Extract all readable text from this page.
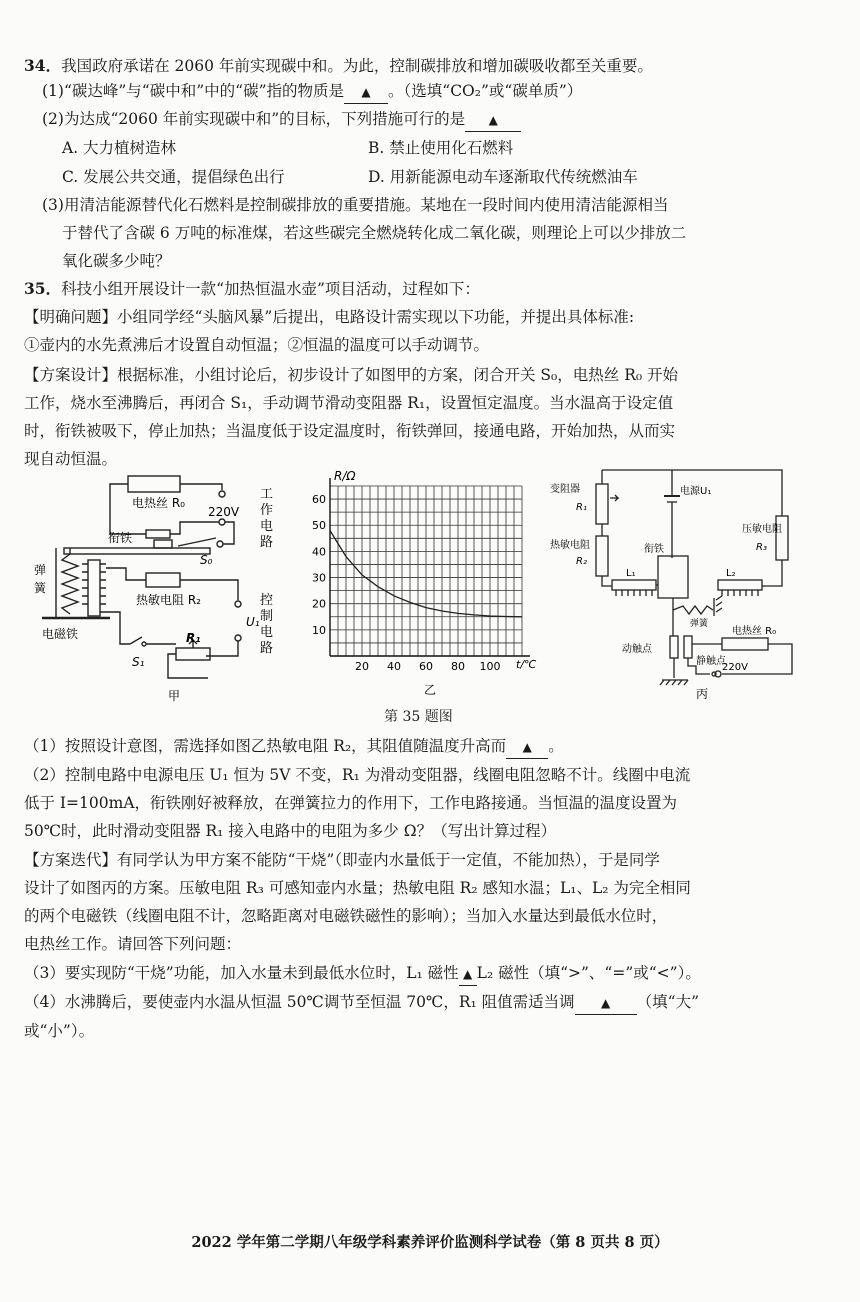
34．我国政府承诺在 2060 年前实现碳中和。为此，控制碳排放和增加碳吸收都至关重要。
(1)“碳达峰”与“碳中和”中的“碳”指的物质是 ▲ 。（选填“CO₂”或“碳单质”）
(2)为达成“2060 年前实现碳中和”的目标，下列措施可行的是 ▲
A. 大力植树造林	B. 禁止使用化石燃料
C. 发展公共交通，提倡绿色出行	D. 用新能源电动车逐渐取代传统燃油车
(3)用清洁能源替代化石燃料是控制碳排放的重要措施。某地在一段时间内使用清洁能源相当
于替代了含碳 6 万吨的标准煤，若这些碳完全燃烧转化成二氧化碳，则理论上可以少排放二
氧化碳多少吨？
35．科技小组开展设计一款“加热恒温水壶”项目活动，过程如下：
【明确问题】小组同学经“头脑风暴”后提出，电路设计需实现以下功能，并提出具体标准:
①壶内的水先煮沸后才设置自动恒温；②恒温的温度可以手动调节。
【方案设计】根据标准，小组讨论后，初步设计了如图甲的方案，闭合开关 S₀，电热丝 R₀ 开始
工作，烧水至沸腾后，再闭合 S₁，手动调节滑动变阻器 R₁，设置恒定温度。当水温高于设定值
时，衔铁被吸下，停止加热；当温度低于设定温度时，衔铁弹回，接通电路，开始加热，从而实
现自动恒温。
电热丝 R₀
220V
衔铁
S₀
弹
簧
热敏电阻 R₂
U₁
电磁铁	R₁
S₁
甲
工
作
电
路
控
制
电
路
20 40 60 80 100
10
20
30
40
50
60
R/Ω
t/℃
乙
变阻器
R₁
热敏电阻
R₂
电源U₁
压敏电阻
R₃
衔铁
L₁	L₂
弹簧
电热丝 R₀
动触点
静触点
220V
丙
第 35 题图
（1）按照设计意图，需选择如图乙热敏电阻 R₂，其阻值随温度升高而 ▲ 。
（2）控制电路中电源电压 U₁ 恒为 5V 不变，R₁ 为滑动变阻器，线圈电阻忽略不计。线圈中电流
低于 I=100mA，衔铁刚好被释放，在弹簧拉力的作用下，工作电路接通。当恒温的温度设置为
50℃时，此时滑动变阻器 R₁ 接入电路中的电阻为多少 Ω？（写出计算过程）
【方案迭代】有同学认为甲方案不能防“干烧”（即壶内水量低于一定值，不能加热），于是同学
设计了如图丙的方案。压敏电阻 R₃ 可感知壶内水量；热敏电阻 R₂ 感知水温；L₁、L₂ 为完全相同
的两个电磁铁（线圈电阻不计，忽略距离对电磁铁磁性的影响）；当加入水量达到最低水位时，
电热丝工作。请回答下列问题：
（3）要实现防“干烧”功能，加入水量未到最低水位时，L₁ 磁性 ▲ L₂ 磁性（填“>”、“=”或“<”）。
（4）水沸腾后，要使壶内水温从恒温 50℃调节至恒温 70℃，R₁ 阻值需适当调 ▲ （填“大”
或“小”）。
2022 学年第二学期八年级学科素养评价监测科学试卷（第 8 页共 8 页）
